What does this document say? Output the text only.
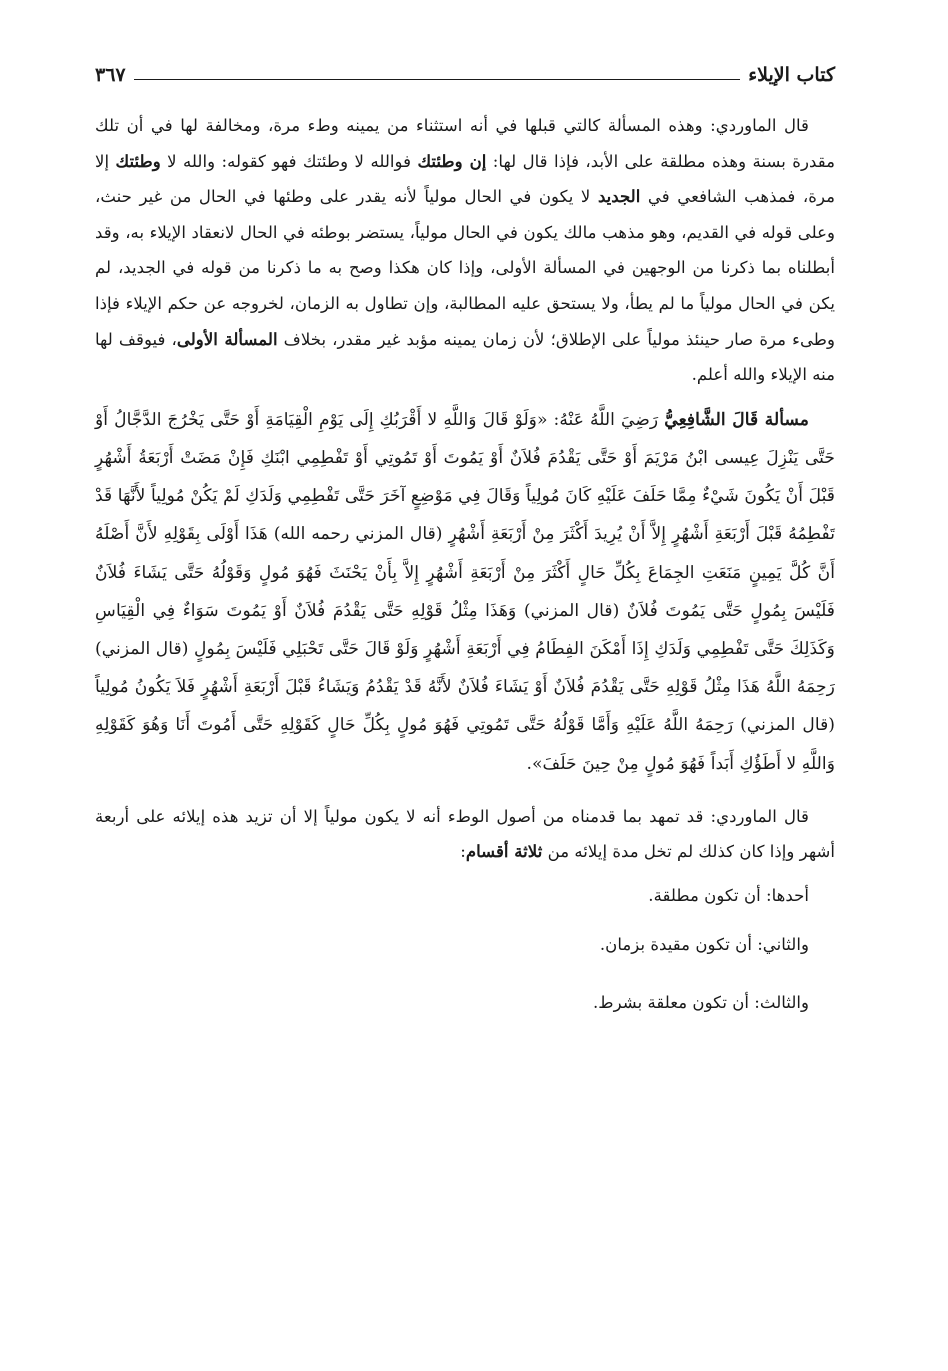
كتاب الإيلاء
٣٦٧

قال الماوردي: وهذه المسألة كالتي قبلها في أنه استثناء من يمينه وطء مرة، ومخالفة لها في أن تلك مقدرة بسنة وهذه مطلقة على الأبد، فإذا قال لها: إن وطئتك فوالله لا وطئتك فهو كقوله: والله لا وطئتك إلا مرة، فمذهب الشافعي في الجديد لا يكون في الحال مولياً لأنه يقدر على وطئها في الحال من غير حنث، وعلى قوله في القديم، وهو مذهب مالك يكون في الحال مولياً، يستضر بوطئه في الحال لانعقاد الإيلاء به، وقد أبطلناه بما ذكرنا من الوجهين في المسألة الأولى، وإذا كان هكذا وصح به ما ذكرنا من قوله في الجديد، لم يكن في الحال مولياً ما لم يطأ، ولا يستحق عليه المطالبة، وإن تطاول به الزمان، لخروجه عن حكم الإيلاء فإذا وطىء مرة صار حينئذ مولياً على الإطلاق؛ لأن زمان يمينه مؤبد غير مقدر، بخلاف المسألة الأولى، فيوقف لها منه الإيلاء والله أعلم.

مسألة قَالَ الشَّافِعِيُّ رَضِيَ اللَّهُ عَنْهُ: «وَلَوْ قَالَ وَاللَّهِ لا أَقْرَبُكِ إِلَى يَوْمِ الْقِيَامَةِ أَوْ حَتَّى يَخْرُجَ الدَّجَّالُ أَوْ حَتَّى يَنْزِلَ عِيسى ابْنُ مَرْيَمَ أَوْ حَتَّى يَقْدُمَ فُلاَنٌ أَوْ يَمُوتَ أَوْ تَمُوتِي أَوْ تَفْطِمِي ابْنَكِ فَإِنْ مَضَتْ أَرْبَعَةُ أَشْهُرٍ قَبْلَ أَنْ يَكُونَ شَيْءٌ مِمَّا حَلَفَ عَلَيْهِ كَانَ مُولِياً وَقَالَ فِي مَوْضِعٍ آخَرَ حَتَّى تَفْطِمِي وَلَدَكِ لَمْ يَكُنْ مُولِياً لأَنَّهَا قَدْ تَفْطِمُهُ قَبْلَ أَرْبَعَةِ أَشْهُرٍ إِلاَّ أَنْ يُرِيدَ أَكْثَرَ مِنْ أَرْبَعَةِ أَشْهُرٍ (قال المزني رحمه الله) هَذَا أَوْلَى بِقَوْلِهِ لأَنَّ أَصْلَهُ أَنَّ كُلَّ يَمِينٍ مَنَعَتِ الجِمَاعَ بِكُلِّ حَالٍ أَكْثَرَ مِنْ أَرْبَعَةِ أَشْهُرٍ إِلاَّ بِأَنْ يَحْنَثَ فَهُوَ مُولٍ وَقَوْلُهُ حَتَّى يَشَاءَ فُلاَنٌ فَلَيْسَ بِمُولٍ حَتَّى يَمُوتَ فُلاَنٌ (قال المزني) وَهَذَا مِثْلُ قَوْلِهِ حَتَّى يَقْدُمَ فُلاَنٌ أَوْ يَمُوتَ سَوَاءٌ فِي الْقِيَاسِ وَكَذَلِكَ حَتَّى تَفْطِمِي وَلَدَكِ إِذَا أَمْكَنَ الفِطَامُ فِي أَرْبَعَةِ أَشْهُرٍ وَلَوْ قَالَ حَتَّى تَحْبَلِي فَلَيْسَ بِمُولٍ (قال المزني) رَحِمَهُ اللَّهُ هَذَا مِثْلُ قَوْلِهِ حَتَّى يَقْدُمَ فُلاَنٌ أَوْ يَشَاءَ فُلاَنٌ لأَنَّهُ قَدْ يَقْدُمُ وَيَشَاءُ قَبْلَ أَرْبَعَةِ أَشْهُرٍ فَلاَ يَكُونُ مُولِياً (قال المزني) رَحِمَهُ اللَّهُ عَلَيْهِ وَأَمَّا قَوْلُهُ حَتَّى تَمُوتِي فَهُوَ مُولٍ بِكُلِّ حَالٍ كَقَوْلِهِ حَتَّى أَمُوتَ أَنَا وَهُوَ كَقَوْلِهِ وَاللَّهِ لا أَطَؤُكِ أَبَداً فَهُوَ مُولٍ مِنْ حِينَ حَلَفَ».

قال الماوردي: قد تمهد بما قدمناه من أصول الوطء أنه لا يكون مولياً إلا أن تزيد هذه إيلائه على أربعة أشهر وإذا كان كذلك لم تخل مدة إيلائه من ثلاثة أقسام:

أحدها: أن تكون مطلقة.

والثاني: أن تكون مقيدة بزمان.

والثالث: أن تكون معلقة بشرط.
